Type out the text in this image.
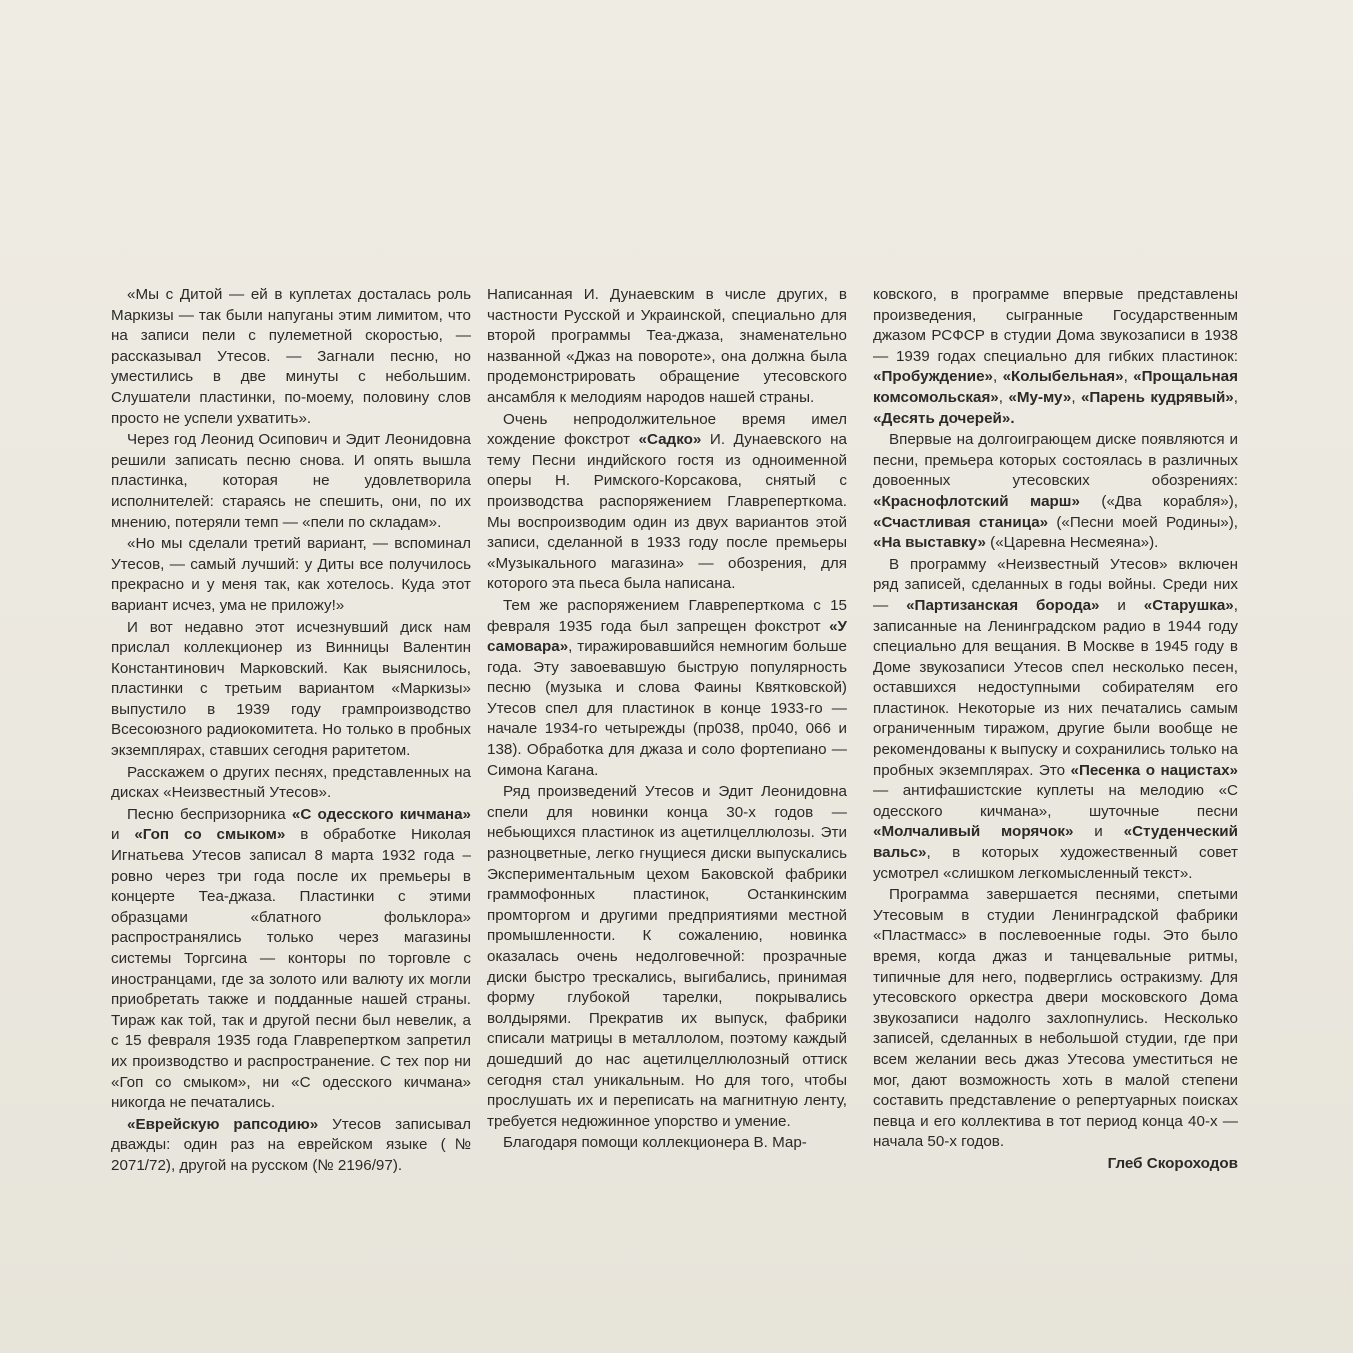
«Мы с Дитой — ей в куплетах досталась роль Маркизы — так были напуганы этим лимитом, что на записи пели с пулеметной скоростью, — рассказывал Утесов. — Загнали песню, но уместились в две минуты с небольшим. Слушатели пластинки, по-моему, половину слов просто не успели ухватить».

Через год Леонид Осипович и Эдит Леонидовна решили записать песню снова. И опять вышла пластинка, которая не удовлетворила исполнителей: стараясь не спешить, они, по их мнению, потеряли темп — «пели по складам».

«Но мы сделали третий вариант, — вспоминал Утесов, — самый лучший: у Диты все получилось прекрасно и у меня так, как хотелось. Куда этот вариант исчез, ума не приложу!»

И вот недавно этот исчезнувший диск нам прислал коллекционер из Винницы Валентин Константинович Марковский. Как выяснилось, пластинки с третьим вариантом «Маркизы» выпустило в 1939 году грампроизводство Всесоюзного радиокомитета. Но только в пробных экземплярах, ставших сегодня раритетом.

Расскажем о других песнях, представленных на дисках «Неизвестный Утесов».

Песню беспризорника «С одесского кичмана» и «Гоп со смыком» в обработке Николая Игнатьева Утесов записал 8 марта 1932 года – ровно через три года после их премьеры в концерте Теа-джаза. Пластинки с этими образцами «блатного фольклора» распространялись только через магазины системы Торгсина — конторы по торговле с иностранцами, где за золото или валюту их могли приобретать также и подданные нашей страны. Тираж как той, так и другой песни был невелик, а с 15 февраля 1935 года Главрепертком запретил их производство и распространение. С тех пор ни «Гоп со смыком», ни «С одесского кичмана» никогда не печатались.

«Еврейскую рапсодию» Утесов записывал дважды: один раз на еврейском языке (№ 2071/72), другой на русском (№ 2196/97).

Написанная И. Дунаевским в числе других, в частности Русской и Украинской, специально для второй программы Теа-джаза, знаменательно названной «Джаз на повороте», она должна была продемонстрировать обращение утесовского ансамбля к мелодиям народов нашей страны.

Очень непродолжительное время имел хождение фокстрот «Садко» И. Дунаевского на тему Песни индийского гостя из одноименной оперы Н. Римского-Корсакова, снятый с производства распоряжением Главреперткома. Мы воспроизводим один из двух вариантов этой записи, сделанной в 1933 году после премьеры «Музыкального магазина» — обозрения, для которого эта пьеса была написана.

Тем же распоряжением Главреперткома с 15 февраля 1935 года был запрещен фокстрот «У самовара», тиражировавшийся немногим больше года. Эту завоевавшую быструю популярность песню (музыка и слова Фаины Квятковской) Утесов спел для пластинок в конце 1933-го — начале 1934-го четырежды (пр038, пр040, 066 и 138). Обработка для джаза и соло фортепиано — Симона Кагана.

Ряд произведений Утесов и Эдит Леонидовна спели для новинки конца 30-х годов — небьющихся пластинок из ацетилцеллюлозы. Эти разноцветные, легко гнущиеся диски выпускались Экспериментальным цехом Баковской фабрики граммофонных пластинок, Останкинским промторгом и другими предприятиями местной промышленности. К сожалению, новинка оказалась очень недолговечной: прозрачные диски быстро трескались, выгибались, принимая форму глубокой тарелки, покрывались волдырями. Прекратив их выпуск, фабрики списали матрицы в металлолом, поэтому каждый дошедший до нас ацетилцеллюлозный оттиск сегодня стал уникальным. Но для того, чтобы прослушать их и переписать на магнитную ленту, требуется недюжинное упорство и умение.

Благодаря помощи коллекционера В. Мар-

ковского, в программе впервые представлены произведения, сыгранные Государственным джазом РСФСР в студии Дома звукозаписи в 1938 — 1939 годах специально для гибких пластинок: «Пробуждение», «Колыбельная», «Прощальная комсомольская», «Му-му», «Парень кудрявый», «Десять дочерей».

Впервые на долгоиграющем диске появляются и песни, премьера которых состоялась в различных довоенных утесовских обозрениях: «Краснофлотский марш» («Два корабля»), «Счастливая станица» («Песни моей Родины»), «На выставку» («Царевна Несмеяна»).

В программу «Неизвестный Утесов» включен ряд записей, сделанных в годы войны. Среди них — «Партизанская борода» и «Старушка», записанные на Ленинградском радио в 1944 году специально для вещания. В Москве в 1945 году в Доме звукозаписи Утесов спел несколько песен, оставшихся недоступными собирателям его пластинок. Некоторые из них печатались самым ограниченным тиражом, другие были вообще не рекомендованы к выпуску и сохранились только на пробных экземплярах. Это «Песенка о нацистах» — антифашистские куплеты на мелодию «С одесского кичмана», шуточные песни «Молчаливый морячок» и «Студенческий вальс», в которых художественный совет усмотрел «слишком легкомысленный текст».

Программа завершается песнями, спетыми Утесовым в студии Ленинградской фабрики «Пластмасс» в послевоенные годы. Это было время, когда джаз и танцевальные ритмы, типичные для него, подверглись остракизму. Для утесовского оркестра двери московского Дома звукозаписи надолго захлопнулись. Несколько записей, сделанных в небольшой студии, где при всем желании весь джаз Утесова уместиться не мог, дают возможность хоть в малой степени составить представление о репертуарных поисках певца и его коллектива в тот период конца 40-х — начала 50-х годов.

Глеб Скороходов
